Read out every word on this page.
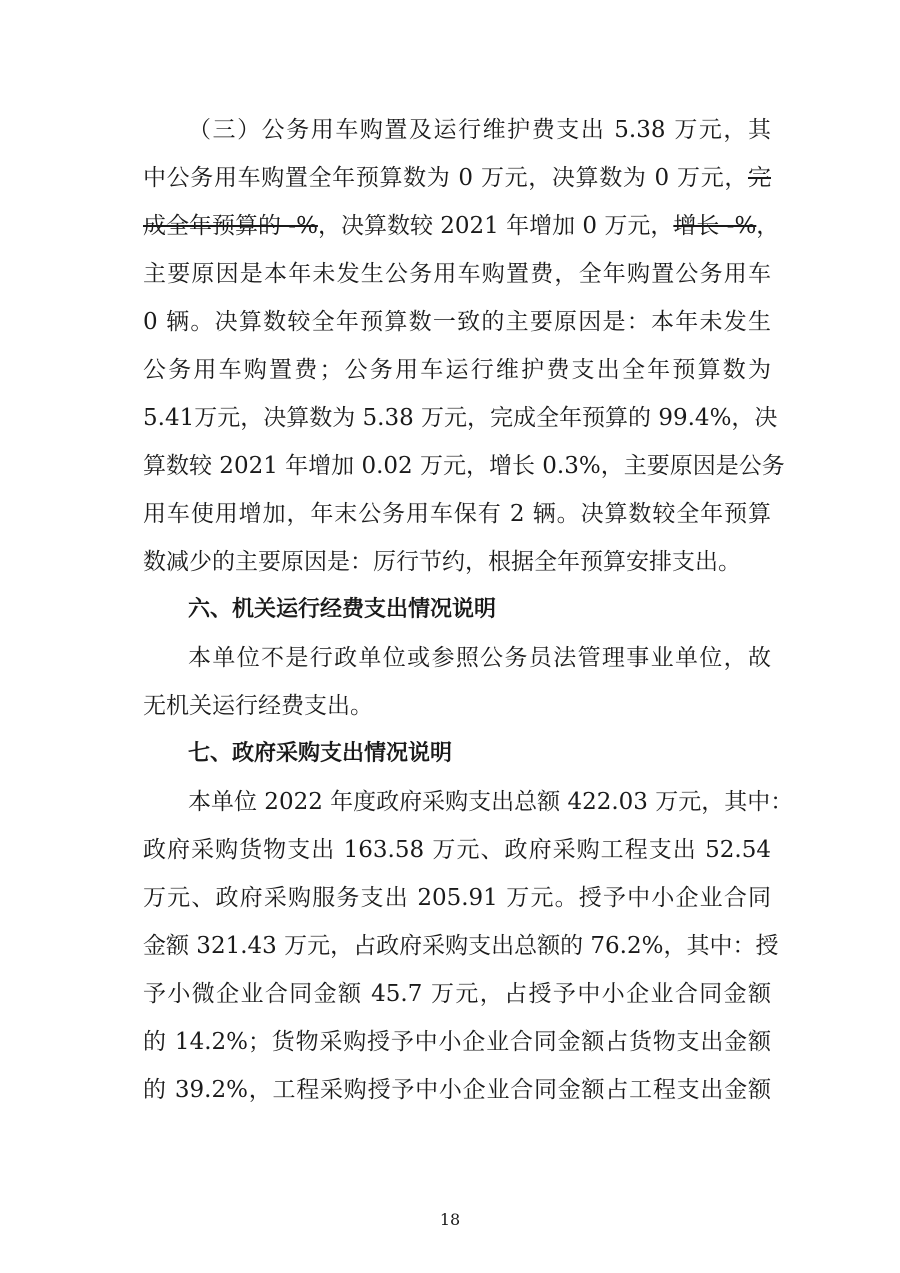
（三）公务用车购置及运行维护费支出 5.38 万元，其
中公务用车购置全年预算数为 0 万元，决算数为 0 万元，完
成全年预算的 -%，决算数较 2021 年增加 0 万元，增长 -%，
主要原因是本年未发生公务用车购置费，全年购置公务用车
0 辆。决算数较全年预算数一致的主要原因是：本年未发生
公务用车购置费；公务用车运行维护费支出全年预算数为
5.41万元，决算数为 5.38 万元，完成全年预算的 99.4%，决
算数较 2021 年增加 0.02 万元，增长 0.3%，主要原因是公务
用车使用增加，年末公务用车保有 2 辆。决算数较全年预算
数减少的主要原因是：厉行节约，根据全年预算安排支出。
六、机关运行经费支出情况说明
本单位不是行政单位或参照公务员法管理事业单位，故
无机关运行经费支出。
七、政府采购支出情况说明
本单位 2022 年度政府采购支出总额 422.03 万元，其中：
政府采购货物支出 163.58 万元、政府采购工程支出 52.54
万元、政府采购服务支出 205.91 万元。授予中小企业合同
金额 321.43 万元，占政府采购支出总额的 76.2%，其中：授
予小微企业合同金额 45.7 万元，占授予中小企业合同金额
的 14.2%；货物采购授予中小企业合同金额占货物支出金额
的 39.2%，工程采购授予中小企业合同金额占工程支出金额
18
